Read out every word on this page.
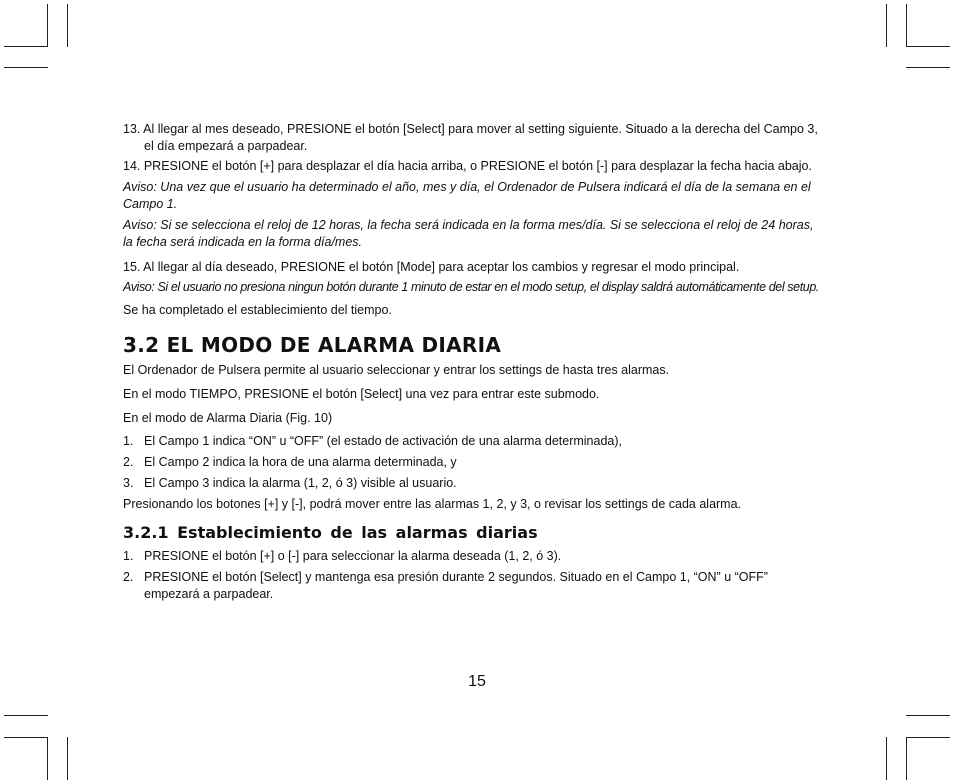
13. Al llegar al mes deseado, PRESIONE el botón [Select] para mover al setting siguiente. Situado a la derecha del Campo 3, el día empezará a parpadear.

14. PRESIONE el botón [+] para desplazar el día hacia arriba, o PRESIONE el botón [-] para desplazar la fecha hacia abajo.

Aviso: Una vez que el usuario ha determinado el año, mes y día, el Ordenador de Pulsera indicará el día de la semana en el Campo 1.

Aviso: Si se selecciona el reloj de 12 horas, la fecha será indicada en la forma mes/día. Si se selecciona el reloj de 24 horas, la fecha será indicada en la forma día/mes.

15. Al llegar al día deseado, PRESIONE el botón [Mode] para aceptar los cambios y regresar el modo principal.

Aviso: Si el usuario no presiona ningun botón durante 1 minuto de estar en el modo setup, el display saldrá automáticamente del setup.

Se ha completado el establecimiento del tiempo.

3.2 EL MODO DE ALARMA DIARIA

El Ordenador de Pulsera permite al usuario seleccionar y entrar los settings de hasta tres alarmas.

En el modo TIEMPO, PRESIONE el botón [Select] una vez para entrar este submodo.

En el modo de Alarma Diaria (Fig. 10)

1. El Campo 1 indica “ON” u “OFF” (el estado de activación de una alarma determinada),
2. El Campo 2 indica la hora de una alarma determinada, y
3. El Campo 3 indica la alarma (1, 2, ó 3) visible al usuario.

Presionando los botones [+] y [-], podrá mover entre las alarmas 1, 2, y 3, o revisar los settings de cada alarma.

3.2.1 Establecimiento de las alarmas diarias
1. PRESIONE el botón [+] o [-] para seleccionar la alarma deseada (1, 2, ó 3).
2. PRESIONE el botón [Select] y mantenga esa presión durante 2 segundos. Situado en el Campo 1, “ON” u “OFF” empezará a parpadear.
15
